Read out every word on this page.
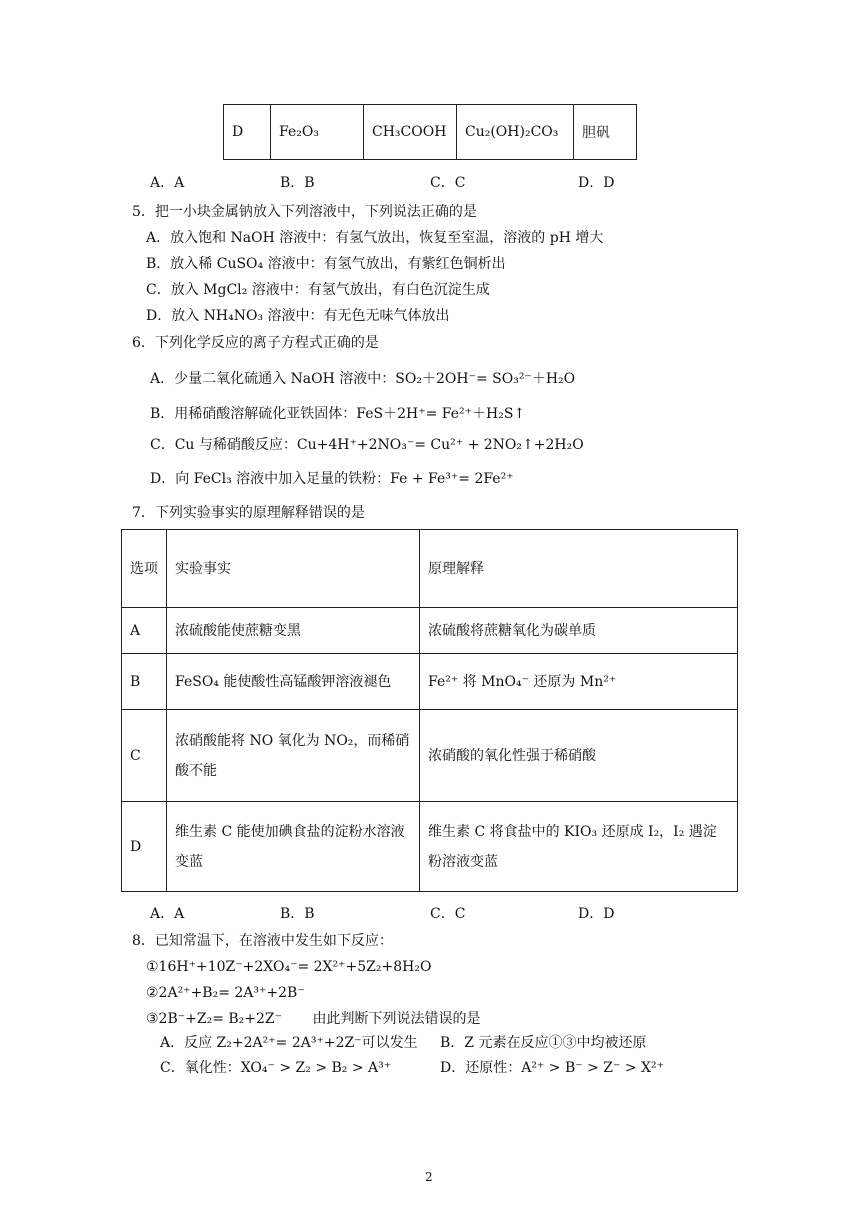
D	Fe₂O₃	CH₃COOH	Cu₂(OH)₂CO₃	胆矾
A．A	B．B	C．C	D．D
5．把一小块金属钠放入下列溶液中，下列说法正确的是
A．放入饱和 NaOH 溶液中：有氢气放出，恢复至室温，溶液的 pH 增大
B．放入稀 CuSO₄ 溶液中：有氢气放出，有紫红色铜析出
C．放入 MgCl₂ 溶液中：有氢气放出，有白色沉淀生成
D．放入 NH₄NO₃ 溶液中：有无色无味气体放出
6．下列化学反应的离子方程式正确的是
A．少量二氧化硫通入 NaOH 溶液中：SO₂＋2OH⁻= SO₃²⁻＋H₂O
B．用稀硝酸溶解硫化亚铁固体：FeS＋2H⁺= Fe²⁺＋H₂S↑
C．Cu 与稀硝酸反应：Cu+4H⁺+2NO₃⁻= Cu²⁺ + 2NO₂↑+2H₂O
D．向 FeCl₃ 溶液中加入足量的铁粉：Fe + Fe³⁺= 2Fe²⁺
7．下列实验事实的原理解释错误的是
选项	实验事实	原理解释
A	浓硫酸能使蔗糖变黑	浓硫酸将蔗糖氧化为碳单质
B	FeSO₄ 能使酸性高锰酸钾溶液褪色	Fe²⁺ 将 MnO₄⁻ 还原为 Mn²⁺
C	浓硝酸能将 NO 氧化为 NO₂，而稀硝酸不能	浓硝酸的氧化性强于稀硝酸
D	维生素 C 能使加碘食盐的淀粉水溶液变蓝	维生素 C 将食盐中的 KIO₃ 还原成 I₂，I₂ 遇淀粉溶液变蓝
A．A	B．B	C．C	D．D
8．已知常温下，在溶液中发生如下反应：
①16H⁺+10Z⁻+2XO₄⁻= 2X²⁺+5Z₂+8H₂O
②2A²⁺+B₂= 2A³⁺+2B⁻
③2B⁻+Z₂= B₂+2Z⁻ 由此判断下列说法错误的是
A．反应 Z₂+2A²⁺= 2A³⁺+2Z⁻可以发生 B．Z 元素在反应①③中均被还原
C．氧化性：XO₄⁻ > Z₂ > B₂ > A³⁺	D．还原性：A²⁺ > B⁻ > Z⁻ > X²⁺
2
